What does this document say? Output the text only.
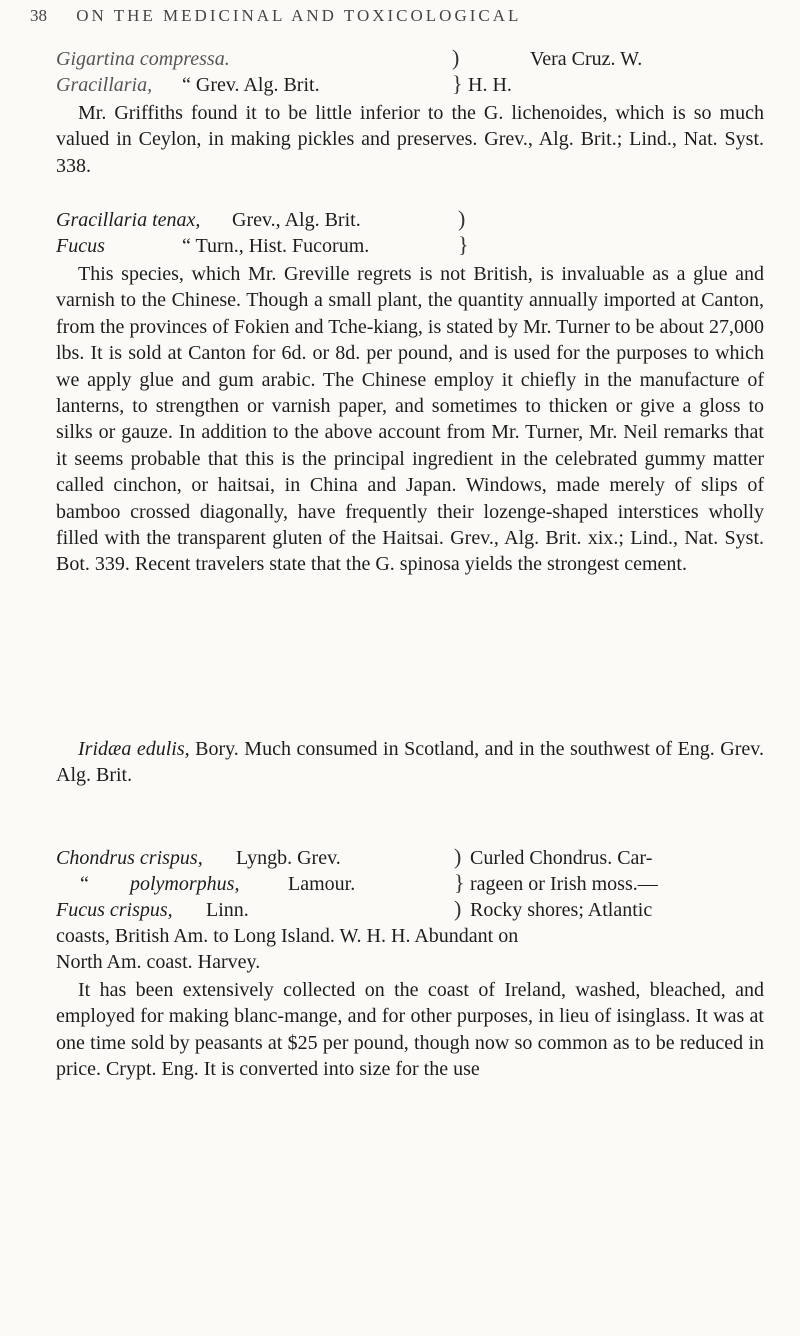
38 ON THE MEDICINAL AND TOXICOLOGICAL
Gigartina compressa.	)	Vera Cruz. W.
Gracillaria, “ Grev. Alg. Brit.	} H. H.

Mr. Griffiths found it to be little inferior to the G. lichenoides, which is so much valued in Ceylon, in making pickles and preserves. Grev., Alg. Brit.; Lind., Nat. Syst. 338.

Gracillaria tenax, Grev., Alg. Brit.	)
Fucus	“ Turn., Hist. Fucorum.	}

This species, which Mr. Greville regrets is not British, is invaluable as a glue and varnish to the Chinese. Though a small plant, the quantity annually imported at Canton, from the provinces of Fokien and Tche-kiang, is stated by Mr. Turner to be about 27,000 lbs. It is sold at Canton for 6d. or 8d. per pound, and is used for the purposes to which we apply glue and gum arabic. The Chinese employ it chiefly in the manufacture of lanterns, to strengthen or varnish paper, and sometimes to thicken or give a gloss to silks or gauze. In addition to the above account from Mr. Turner, Mr. Neil remarks that it seems probable that this is the principal ingredient in the celebrated gummy matter called cinchon, or haitsai, in China and Japan. Windows, made merely of slips of bamboo crossed diagonally, have frequently their lozenge-shaped interstices wholly filled with the transparent gluten of the Haitsai. Grev., Alg. Brit. xix.; Lind., Nat. Syst. Bot. 339. Recent travelers state that the G. spinosa yields the strongest cement.

Iridæa edulis, Bory. Much consumed in Scotland, and in the southwest of Eng. Grev. Alg. Brit.

Chondrus crispus, Lyngb. Grev.	) Curled Chondrus. Car-
“ polymorphus, Lamour.	} rageen or Irish moss.—
Fucus crispus, Linn.	) Rocky shores; Atlantic
coasts, British Am. to Long Island. W. H. H. Abundant on
North Am. coast. Harvey.

It has been extensively collected on the coast of Ireland, washed, bleached, and employed for making blanc-mange, and for other purposes, in lieu of isinglass. It was at one time sold by peasants at $25 per pound, though now so common as to be reduced in price. Crypt. Eng. It is converted into size for the use
